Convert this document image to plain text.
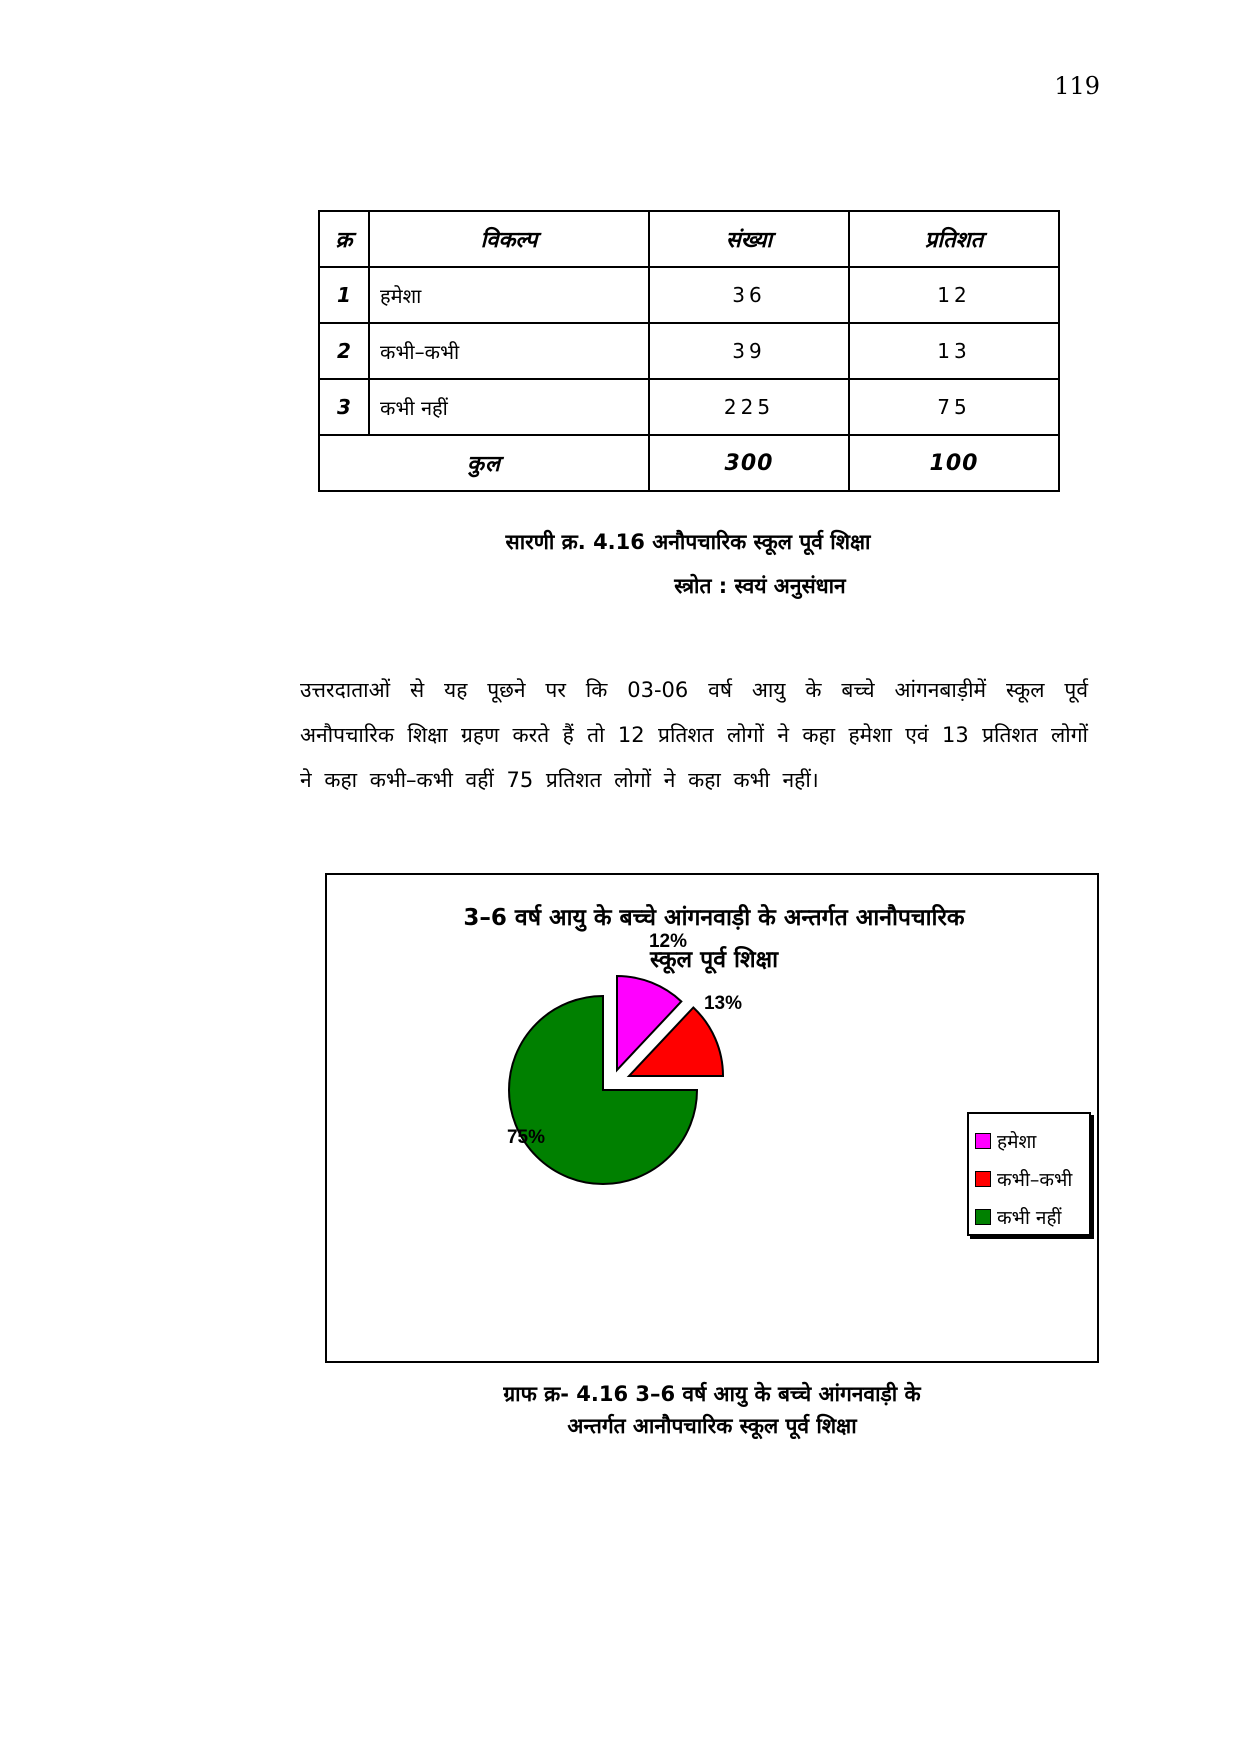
119
क्र	विकल्प	संख्या	प्रतिशत
1	हमेशा	36	12
2	कभी–कभी	39	13
3	कभी नहीं	225	75
कुल		300	100
सारणी क्र. 4.16 अनौपचारिक स्कूल पूर्व शिक्षा
स्त्रोत : स्वयं अनुसंधान
उत्तरदाताओं से यह पूछने पर कि 03-06 वर्ष आयु के बच्चे आंगनबाड़ीमें स्कूल पूर्व अनौपचारिक शिक्षा ग्रहण करते हैं तो 12 प्रतिशत लोगों ने कहा हमेशा एवं 13 प्रतिशत लोगों ने कहा कभी–कभी वहीं 75 प्रतिशत लोगों ने कहा कभी नहीं।
3–6 वर्ष आयु के बच्चे आंगनवाड़ी के अन्तर्गत आनौपचारिक
स्कूल पूर्व शिक्षा
12%
13%
75%	हमेशा
कभी–कभी
कभी नहीं
ग्राफ क्र- 4.16 3–6 वर्ष आयु के बच्चे आंगनवाड़ी के
अन्तर्गत आनौपचारिक स्कूल पूर्व शिक्षा
